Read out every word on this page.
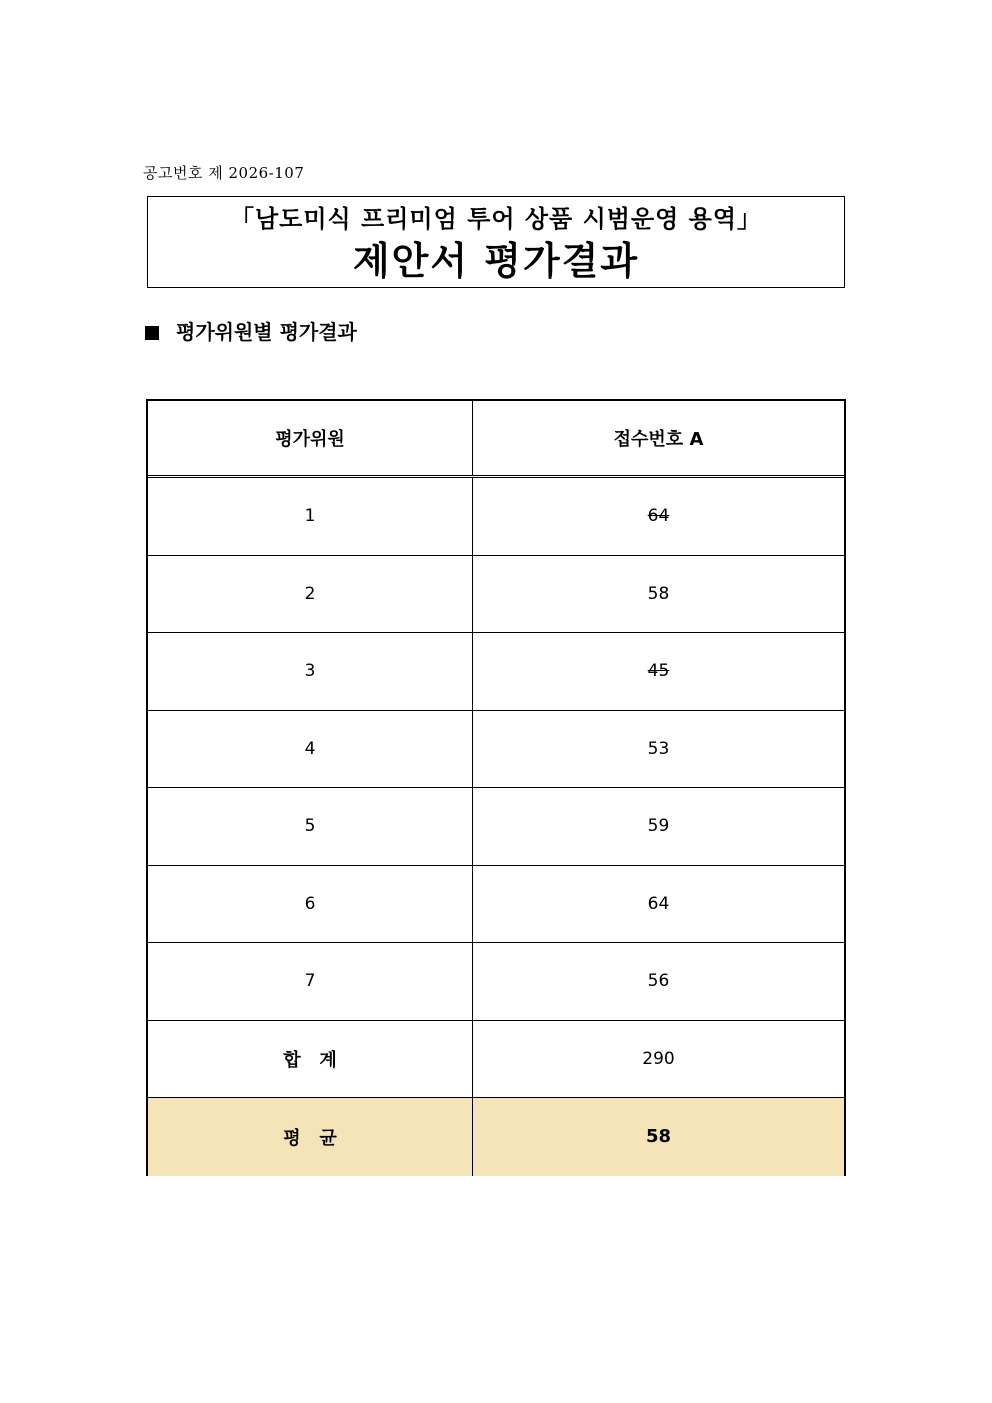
공고번호 제 2026-107
「남도미식 프리미엄 투어 상품 시범운영 용역」
제안서 평가결과
평가위원별 평가결과
평가위원	접수번호 A
1	64
2	58
3	45
4	53
5	59
6	64
7	56
합   계	290
평   균	58
